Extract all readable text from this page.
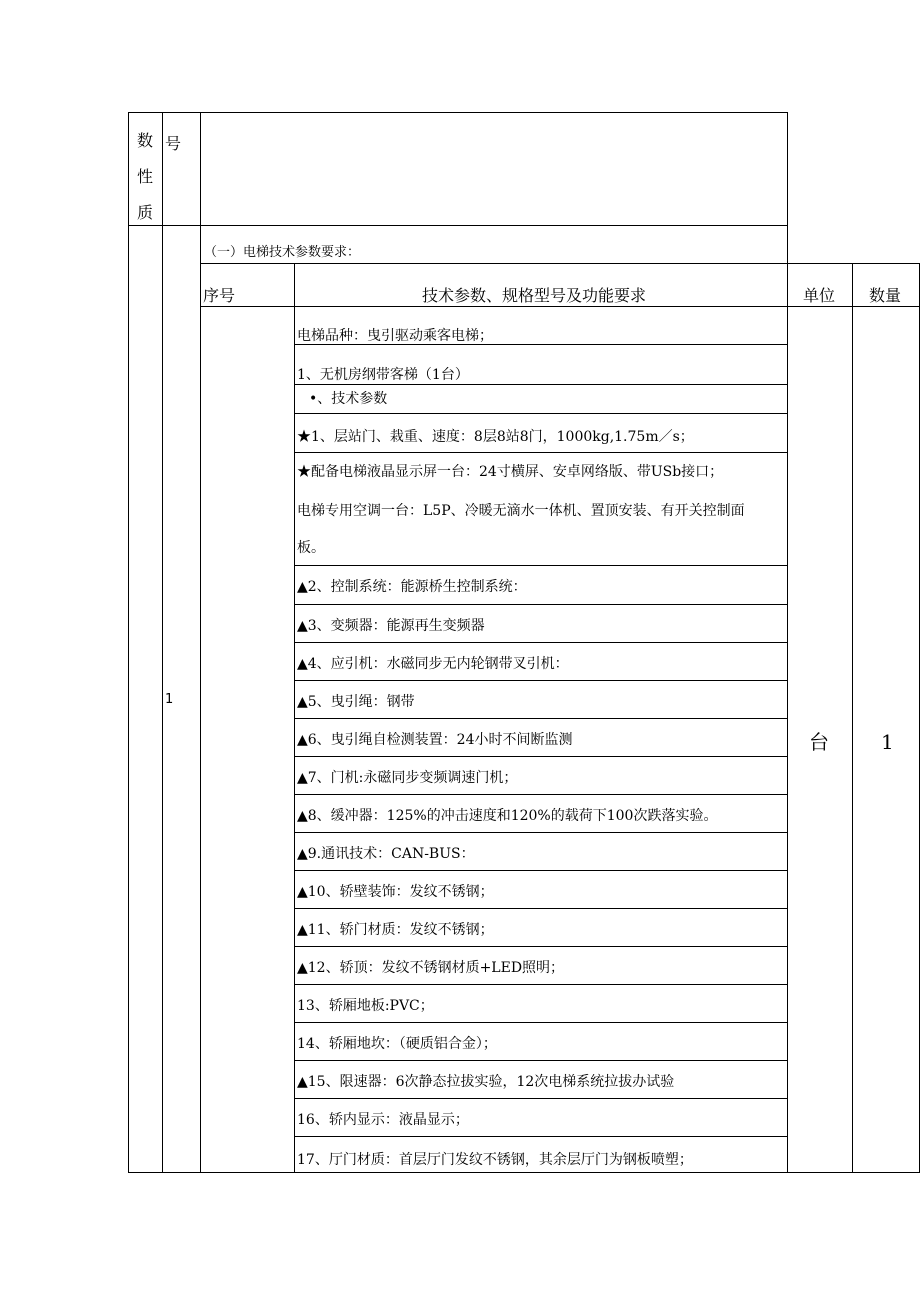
数
性
质
号
（一）电梯技术参数要求：
序号	技术参数、规格型号及功能要求	单位 数量
1
台	1
电梯品种：曳引驱动乘客电梯；
1、无机房纲带客梯（1台）
•、技术参数
★1、层站门、栽重、速度：8层8站8门，1000kg,1.75m／s；
★配备电梯液晶显示屏一台：24寸横屏、安卓网络版、带USb接口；
电梯专用空调一台：L5P、冷暖无滴水一体机、置顶安装、有开关控制面
板。
▲2、控制系统：能源桥生控制系统：
▲3、变频器：能源再生变频器
▲4、应引机：水磁同步无内轮钢带叉引机：
▲5、曳引绳：钢带
▲6、曳引绳自检测装置：24小时不间断监测
▲7、门机:永磁同步变频调速门机；
▲8、缓冲器：125%的冲击速度和120%的载荷下100次跌落实验。
▲9.通讯技术：CAN-BUS：
▲10、轿壁装饰：发纹不锈钢；
▲11、轿门材质：发纹不锈钢；
▲12、轿顶：发纹不锈钢材质+LED照明；
13、轿厢地板:PVC；
14、轿厢地坎：（硬质铝合金）；
▲15、限速器：6次静态拉拔实验，12次电梯系统拉拔办试验
16、轿内显示：液晶显示；
17、厅门材质：首层厅门发纹不锈钢，其余层厅门为钢板喷塑；
